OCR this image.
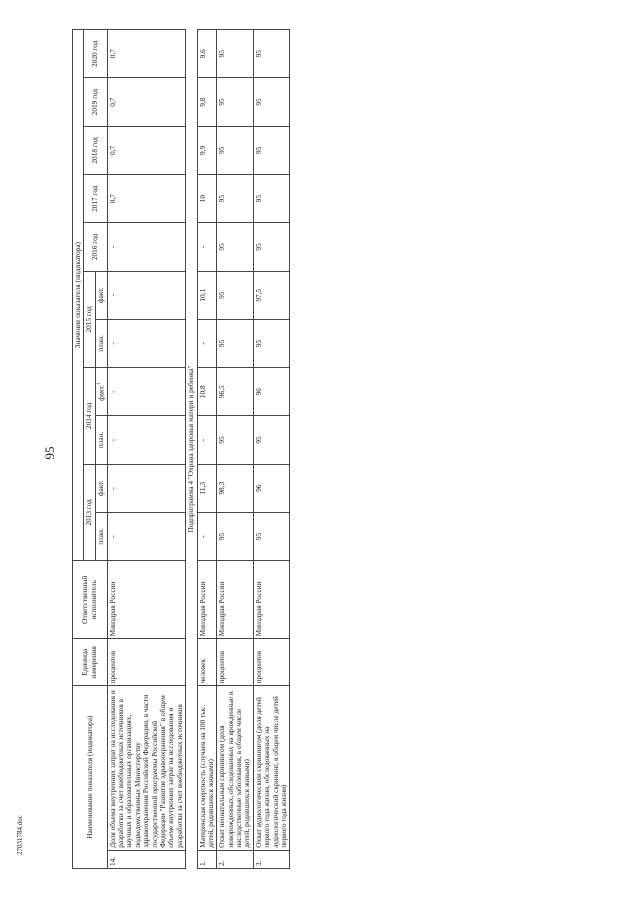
95
27031784.doc	Наименование показателя (индикатора)		Единица измерения	Ответственный исполнитель	Значение показателя (индикатора)										
				2013 год		2014 год		2015 год		2016 год	2017 год	2018 год	2019 год	2020 год
				план.	факт.	план.	факт.$^1$	план.	факт.					
14.	Доля объема внутренних затрат на исследования и разработки за счет внебюджетных источников в научных и образовательных организациях, подведомственных Министерству здравоохранения Российской Федерации, в части государственной программы Российской Федерации "Развитие здравоохранения" в общем объеме внутренних затрат на исследования и разработки за счет внебюджетных источников	процентов	Минздрав России	-	-	-	-	-	-	-	0,7	0,7	0,7	0,7
Подпрограмма 4 "Охрана здоровья матери и ребенка"														
1.	Материнская смертность (случаев на 100 тыс. детей, родившихся живыми)	человек	Минздрав России	-	11,3	-	10,8	-	10,1	-	10	9,9	9,8	9,6
2.	Охват неонатальным скринингом (доля новорожденных, обследованных на врожденные и наследственные заболевания, в общем числе детей, родившихся живыми)	процентов	Минздрав России	95	98,3	95	96,5	95	95	95	95	95	95	95
3.	Охват аудиологическим скринингом (доля детей первого года жизни, обследованных на аудиологический скрининг, в общем числе детей первого года жизни)	процентов	Минздрав России	95	96	95	96	95	97,5	95	95	95	95	95
